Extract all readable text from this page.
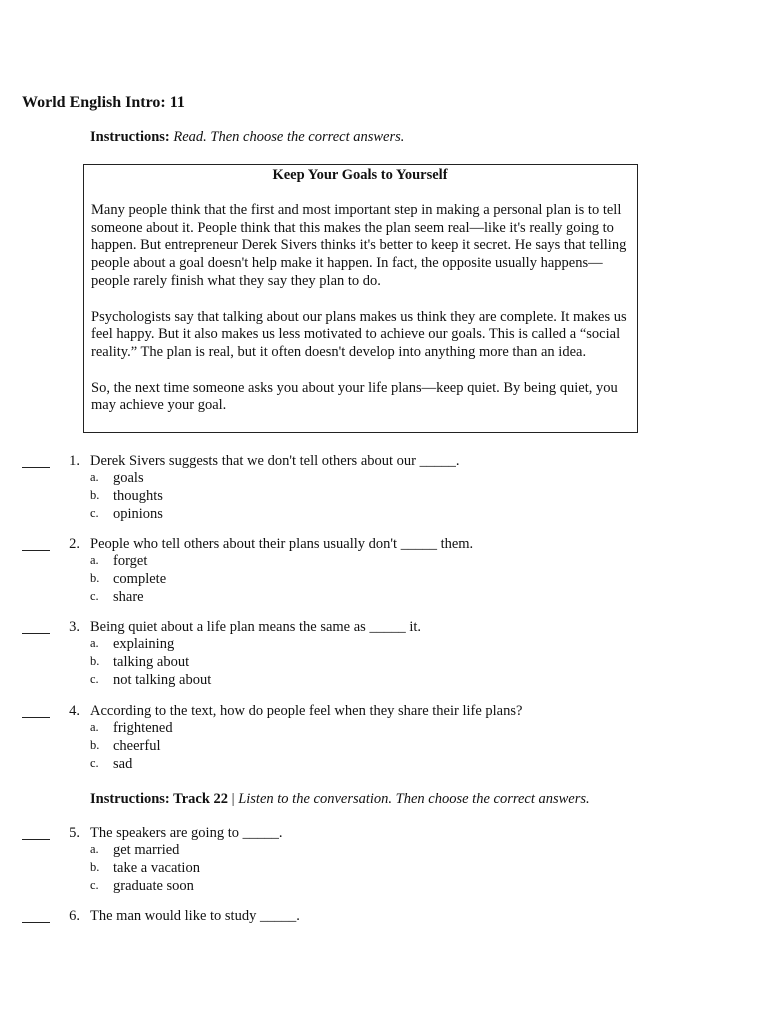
World English Intro: 11
Instructions: Read. Then choose the correct answers.
Keep Your Goals to Yourself

Many people think that the first and most important step in making a personal plan is to tell someone about it. People think that this makes the plan seem real—like it's really going to happen. But entrepreneur Derek Sivers thinks it's better to keep it secret. He says that telling people about a goal doesn't help make it happen. In fact, the opposite usually happens—people rarely finish what they say they plan to do.

Psychologists say that talking about our plans makes us think they are complete. It makes us feel happy. But it also makes us less motivated to achieve our goals. This is called a “social reality.” The plan is real, but it often doesn't develop into anything more than an idea.

So, the next time someone asks you about your life plans—keep quiet. By being quiet, you may achieve your goal.

1. Derek Sivers suggests that we don't tell others about our _____.
a. goals
b. thoughts
c. opinions
2. People who tell others about their plans usually don't _____ them.
a. forget
b. complete
c. share
3. Being quiet about a life plan means the same as _____ it.
a. explaining
b. talking about
c. not talking about
4. According to the text, how do people feel when they share their life plans?
a. frightened
b. cheerful
c. sad
Instructions: Track 22 | Listen to the conversation. Then choose the correct answers.
5. The speakers are going to _____.
a. get married
b. take a vacation
c. graduate soon
6. The man would like to study _____.
